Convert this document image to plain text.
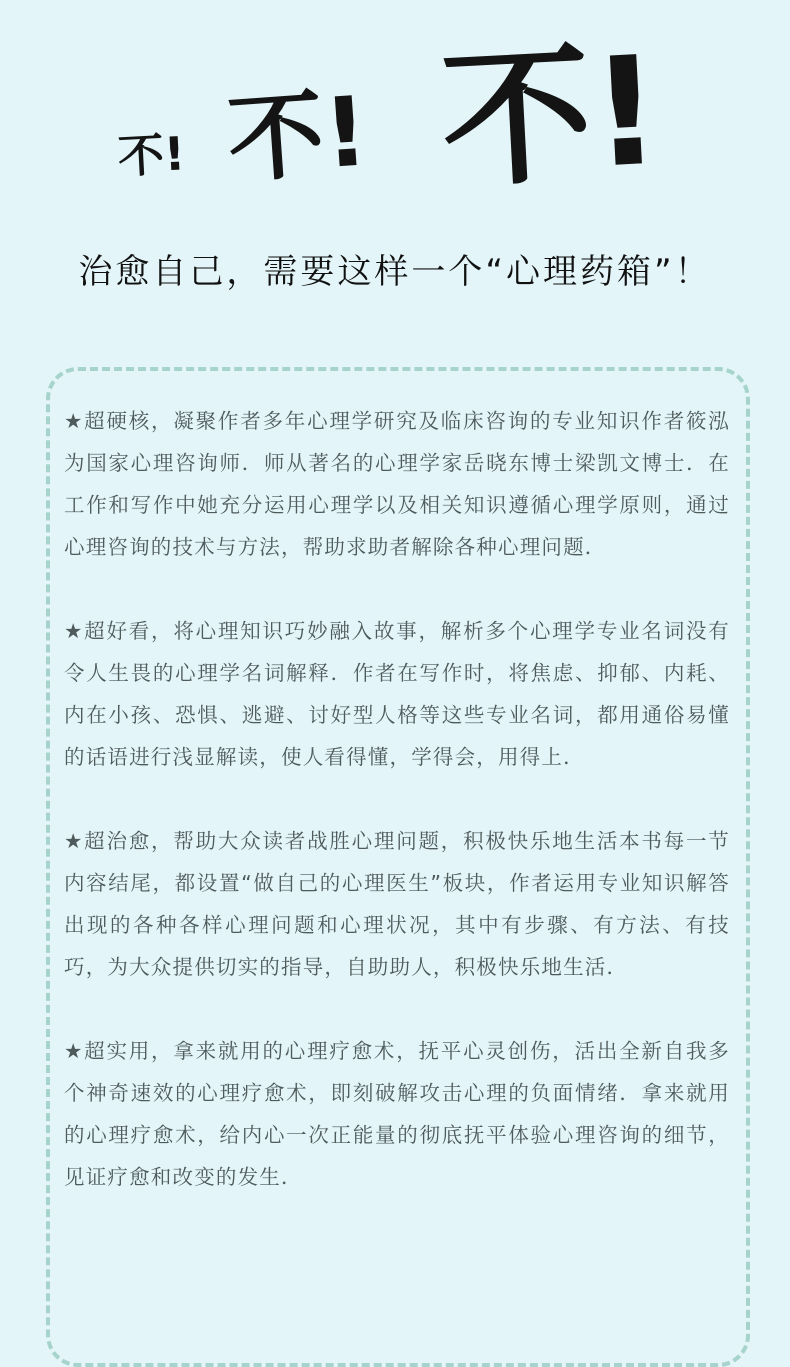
不! 不! 不!
治愈自己，需要这样一个“心理药箱”！

★超硬核，凝聚作者多年心理学研究及临床咨询的专业知识作者筱泓为国家心理咨询师．师从著名的心理学家岳晓东博士梁凯文博士．在工作和写作中她充分运用心理学以及相关知识遵循心理学原则，通过心理咨询的技术与方法，帮助求助者解除各种心理问题．

★超好看，将心理知识巧妙融入故事，解析多个心理学专业名词没有令人生畏的心理学名词解释．作者在写作时，将焦虑、抑郁、内耗、内在小孩、恐惧、逃避、讨好型人格等这些专业名词，都用通俗易懂的话语进行浅显解读，使人看得懂，学得会，用得上．

★超治愈，帮助大众读者战胜心理问题，积极快乐地生活本书每一节内容结尾，都设置“做自己的心理医生”板块，作者运用专业知识解答出现的各种各样心理问题和心理状况，其中有步骤、有方法、有技巧，为大众提供切实的指导，自助助人，积极快乐地生活．

★超实用，拿来就用的心理疗愈术，抚平心灵创伤，活出全新自我多个神奇速效的心理疗愈术，即刻破解攻击心理的负面情绪．拿来就用的心理疗愈术，给内心一次正能量的彻底抚平体验心理咨询的细节，见证疗愈和改变的发生．
